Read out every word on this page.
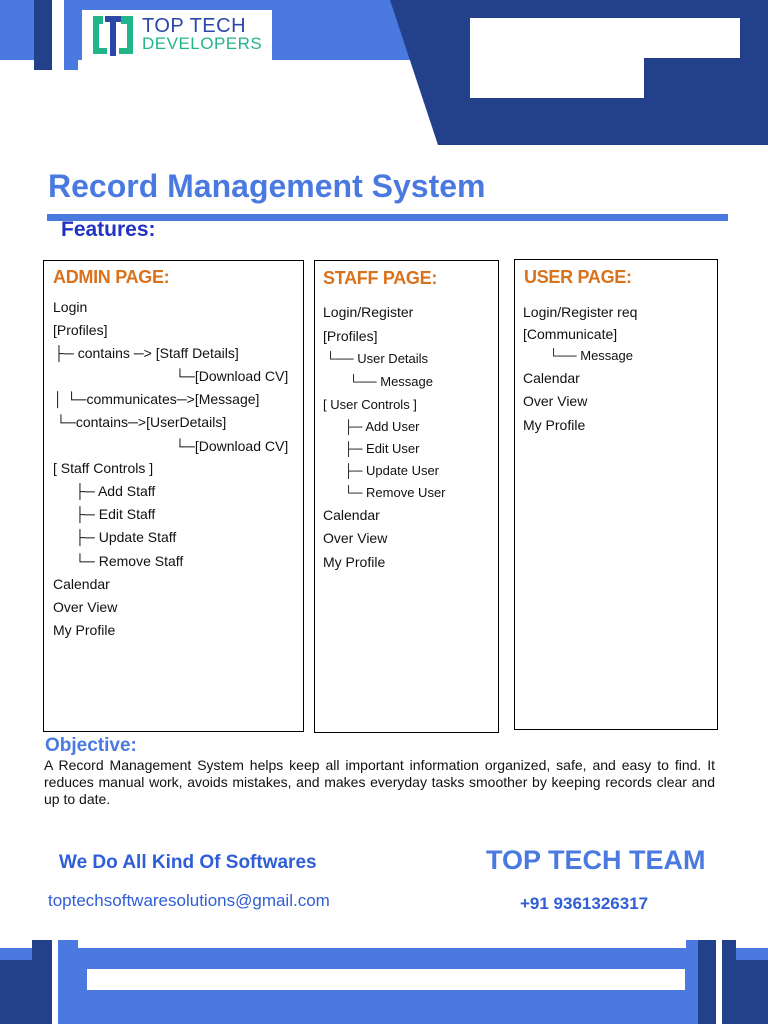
TOP TECH
DEVELOPERS
Record Management System
Features:
ADMIN PAGE:
Login
[Profiles]
├─ contains ─> [Staff Details]
└─[Download CV]
│ └─communicates─>[Message]
└─contains─>[UserDetails]
└─[Download CV]
[ Staff Controls ]
├─ Add Staff
├─ Edit Staff
├─ Update Staff
└─ Remove Staff
Calendar
Over View
My Profile
STAFF PAGE:
Login/Register
[Profiles]
└── User Details
└── Message
[ User Controls ]
├─ Add User
├─ Edit User
├─ Update User
└─ Remove User
Calendar
Over View
My Profile
USER PAGE:
Login/Register req
[Communicate]
└── Message
Calendar
Over View
My Profile
Objective:
A Record Management System helps keep all important information organized, safe, and easy to find. It reduces manual work, avoids mistakes, and makes everyday tasks smoother by keeping records clear and up to date.
We Do All Kind Of Softwares
toptechsoftwaresolutions@gmail.com
TOP TECH TEAM
+91 9361326317
